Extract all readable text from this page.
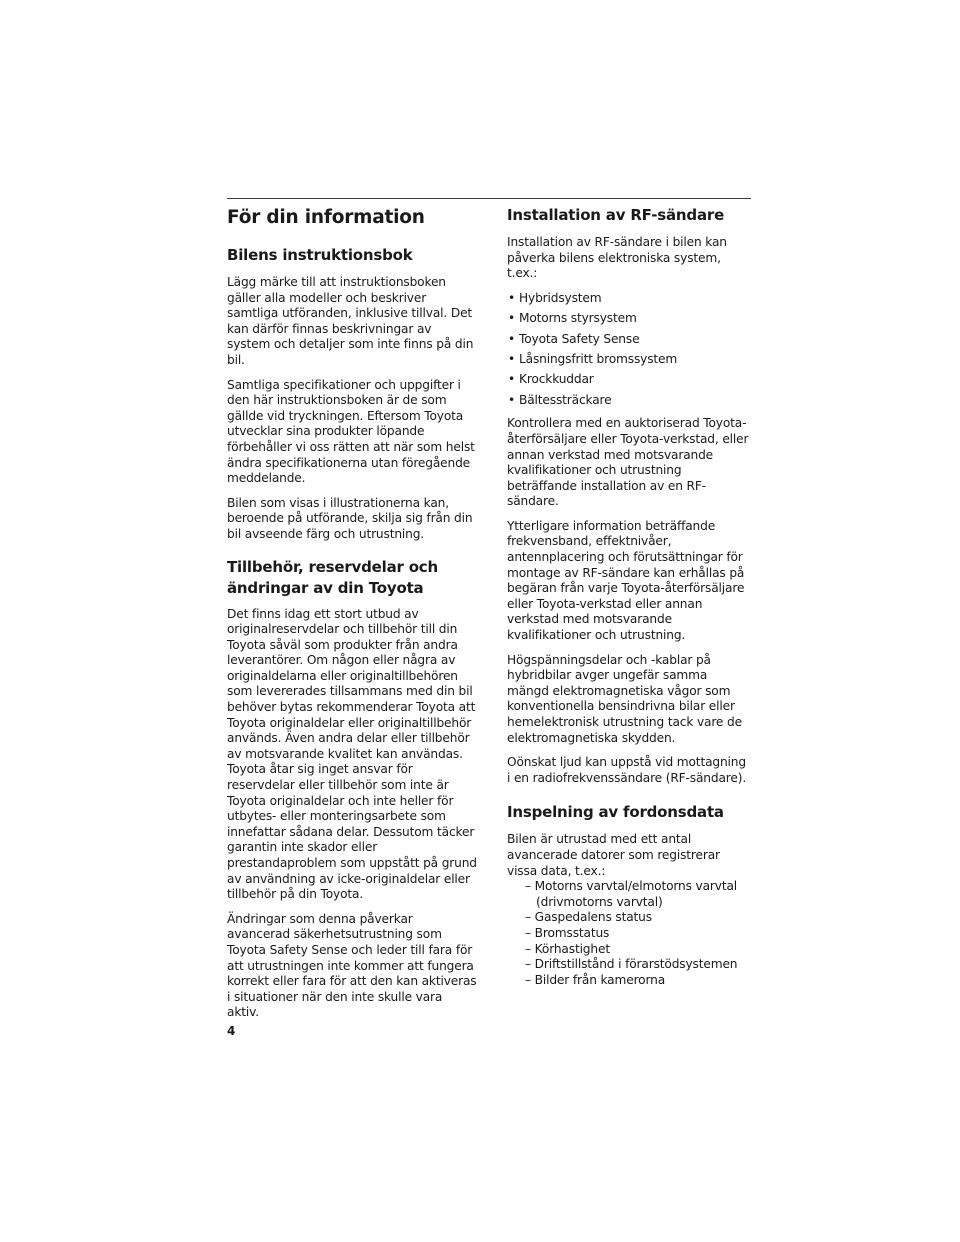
För din information
Bilens instruktionsbok

Lägg märke till att instruktionsboken gäller alla modeller och beskriver samtliga utföranden, inklusive tillval. Det kan därför finnas beskrivningar av system och detaljer som inte finns på din bil.

Samtliga specifikationer och uppgifter i den här instruktionsboken är de som gällde vid tryckningen. Eftersom Toyota utvecklar sina produkter löpande förbehåller vi oss rätten att när som helst ändra specifikationerna utan föregående meddelande.

Bilen som visas i illustrationerna kan, beroende på utförande, skilja sig från din bil avseende färg och utrustning.

Tillbehör, reservdelar och ändringar av din Toyota

Det finns idag ett stort utbud av originalreservdelar och tillbehör till din Toyota såväl som produkter från andra leverantörer. Om någon eller några av originaldelarna eller originaltillbehören som levererades tillsammans med din bil behöver bytas rekommenderar Toyota att Toyota originaldelar eller originaltillbehör används. Även andra delar eller tillbehör av motsvarande kvalitet kan användas. Toyota åtar sig inget ansvar för reservdelar eller tillbehör som inte är Toyota originaldelar och inte heller för utbytes- eller monteringsarbete som innefattar sådana delar. Dessutom täcker garantin inte skador eller prestandaproblem som uppstått på grund av användning av icke-originaldelar eller tillbehör på din Toyota.

Ändringar som denna påverkar avancerad säkerhetsutrustning som Toyota Safety Sense och leder till fara för att utrustningen inte kommer att fungera korrekt eller fara för att den kan aktiveras i situationer när den inte skulle vara aktiv.

Installation av RF-sändare

Installation av RF-sändare i bilen kan påverka bilens elektroniska system, t.ex.:

• Hybridsystem
• Motorns styrsystem
• Toyota Safety Sense
• Låsningsfritt bromssystem
• Krockkuddar
• Bältessträckare

Kontrollera med en auktoriserad Toyota-återförsäljare eller Toyota-verkstad, eller annan verkstad med motsvarande kvalifikationer och utrustning beträffande installation av en RF-sändare.

Ytterligare information beträffande frekvensband, effektnivåer, antennplacering och förutsättningar för montage av RF-sändare kan erhållas på begäran från varje Toyota-återförsäljare eller Toyota-verkstad eller annan verkstad med motsvarande kvalifikationer och utrustning.

Högspänningsdelar och -kablar på hybridbilar avger ungefär samma mängd elektromagnetiska vågor som konventionella bensindrivna bilar eller hemelektronisk utrustning tack vare de elektromagnetiska skydden.

Oönskat ljud kan uppstå vid mottagning i en radiofrekvenssändare (RF-sändare).

Inspelning av fordonsdata

Bilen är utrustad med ett antal avancerade datorer som registrerar vissa data, t.ex.:

– Motorns varvtal/elmotorns varvtal (drivmotorns varvtal)
– Gaspedalens status
– Bromsstatus
– Körhastighet
– Driftstillstånd i förarstödsystemen
– Bilder från kamerorna
4
